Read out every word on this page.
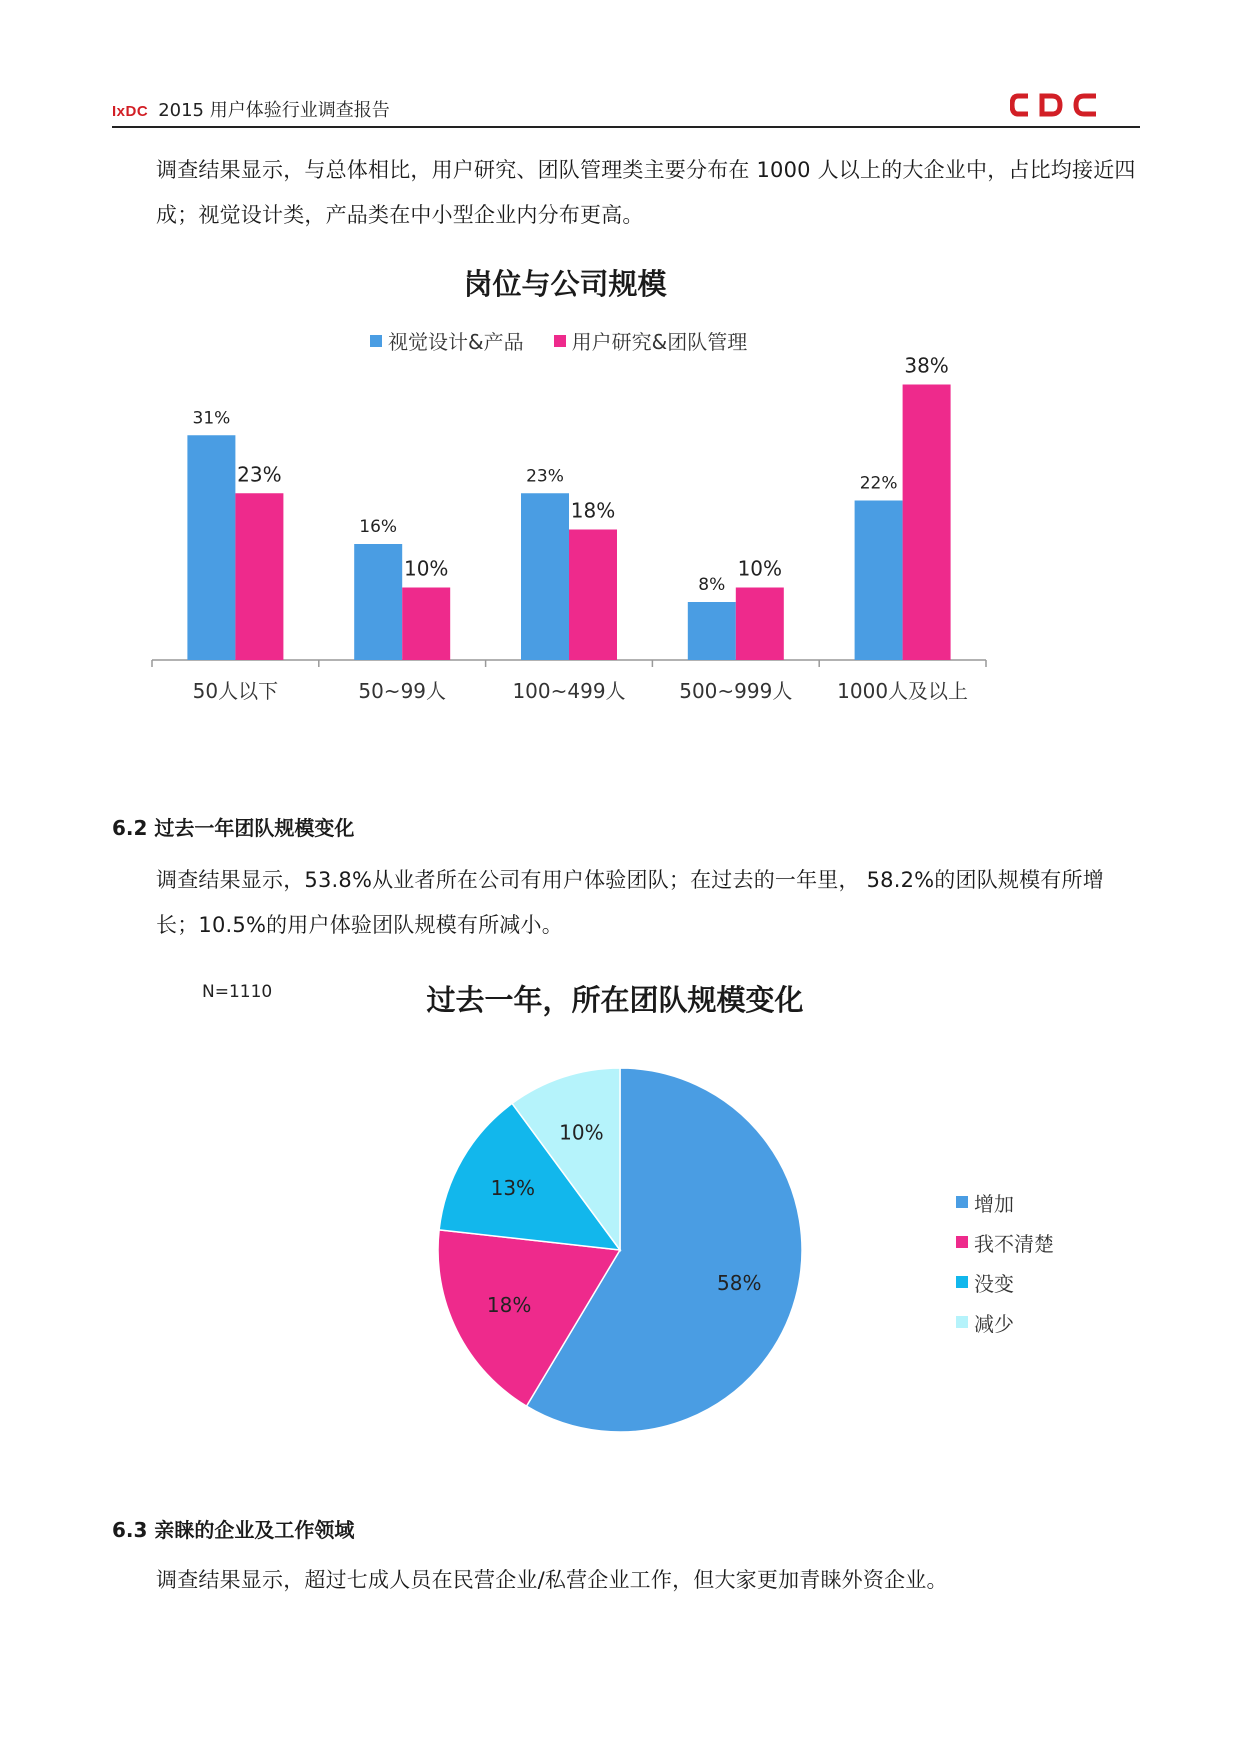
IxDC 2015 用户体验行业调查报告
调查结果显示，与总体相比，用户研究、团队管理类主要分布在 1000 人以上的大企业中，占比均接近四成；视觉设计类，产品类在中小型企业内分布更高。
岗位与公司规模
视觉设计&产品 用户研究&团队管理
31%
23%
50人以下
16%
10%
50~99人
23%
18%
100~499人
8%
10%
500~999人
22%
38%
1000人及以上
6.2 过去一年团队规模变化
调查结果显示，53.8%从业者所在公司有用户体验团队；在过去的一年里， 58.2%的团队规模有所增长；10.5%的用户体验团队规模有所减小。
N=1110	过去一年，所在团队规模变化
58%
18%
13%
10%
增加
我不清楚
没变
减少
6.3 亲睐的企业及工作领域
调查结果显示，超过七成人员在民营企业/私营企业工作，但大家更加青睐外资企业。
